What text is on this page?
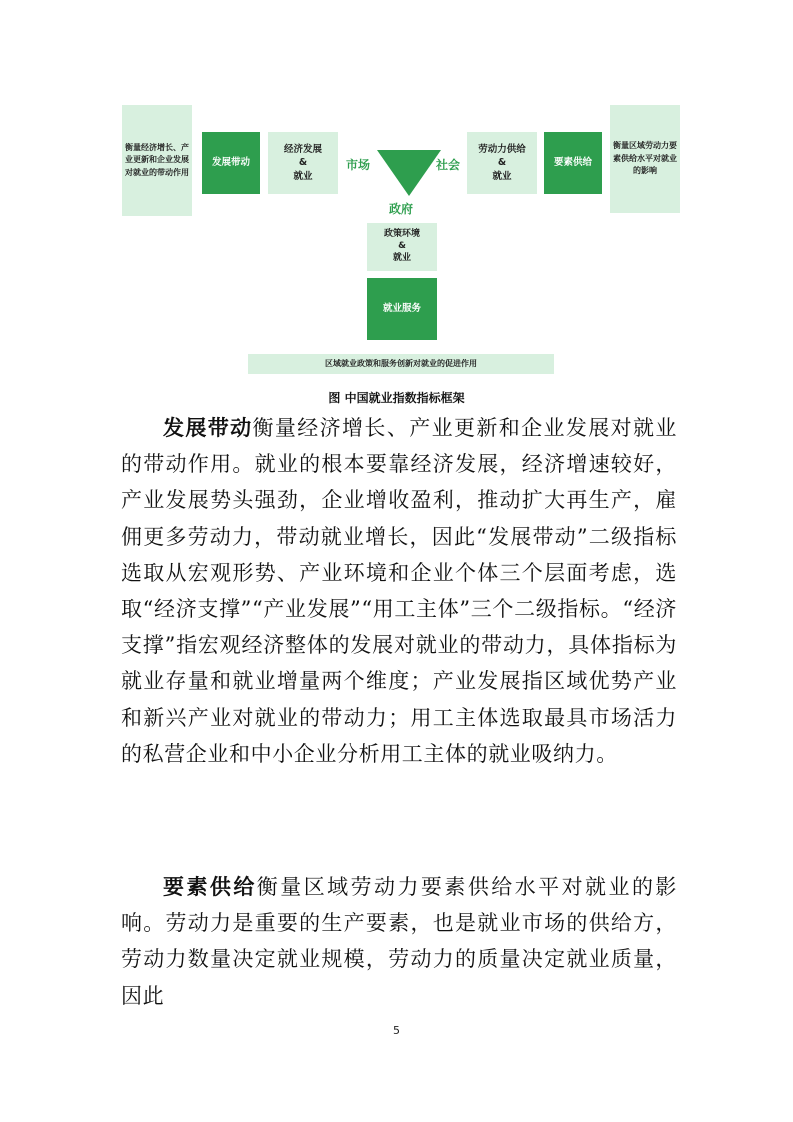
衡量经济增长、产业更新和企业发展对就业的带动作用
发展带动
经济发展
&
就业
市场	社会
政府
劳动力供给
&
就业
要素供给
衡量区域劳动力要素供给水平对就业的影响
政策环境
&
就业
就业服务
区域就业政策和服务创新对就业的促进作用
图 中国就业指数指标框架

发展带动衡量经济增长、产业更新和企业发展对就业的带动作用。就业的根本要靠经济发展，经济增速较好，产业发展势头强劲，企业增收盈利，推动扩大再生产，雇佣更多劳动力，带动就业增长，因此“发展带动”二级指标选取从宏观形势、产业环境和企业个体三个层面考虑，选取“经济支撑”“产业发展”“用工主体”三个二级指标。“经济支撑”指宏观经济整体的发展对就业的带动力，具体指标为就业存量和就业增量两个维度；产业发展指区域优势产业和新兴产业对就业的带动力；用工主体选取最具市场活力的私营企业和中小企业分析用工主体的就业吸纳力。

要素供给衡量区域劳动力要素供给水平对就业的影响。劳动力是重要的生产要素，也是就业市场的供给方，劳动力数量决定就业规模，劳动力的质量决定就业质量，因此

5
